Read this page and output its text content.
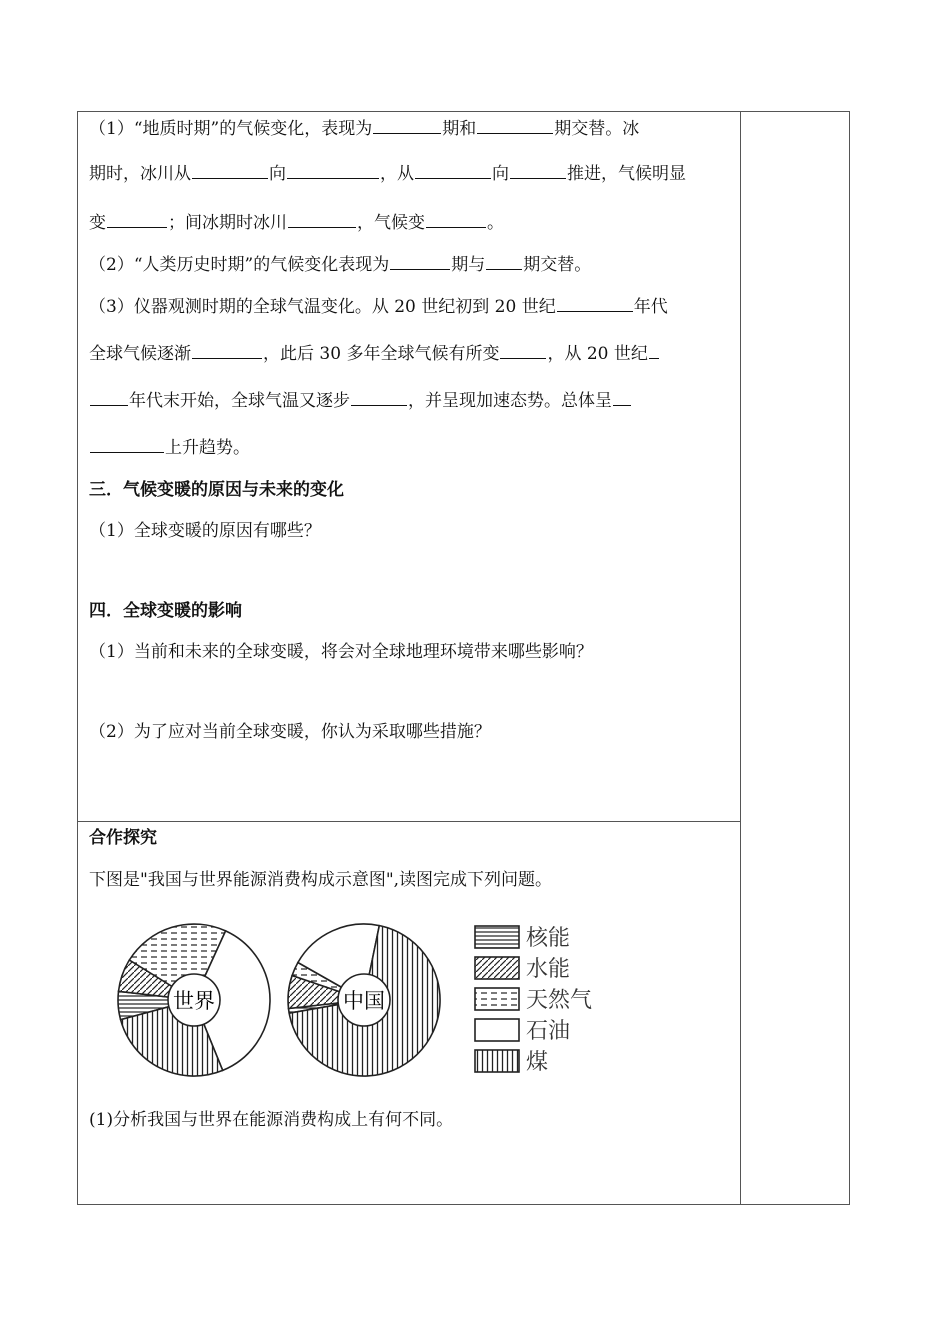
（1）“地质时期”的气候变化，表现为	期和	期交替。冰
期时，冰川从	向	，从	向	推进，气候明显
变	；间冰期时冰川	，气候变	。
（2）“人类历史时期”的气候变化表现为	期与 期交替。
（3）仪器观测时期的全球气温变化。从 20 世纪初到 20 世纪	年代
全球气候逐渐	，此后 30 多年全球气候有所变	，从 20 世纪
年代末开始，全球气温又逐步	，并呈现加速态势。总体呈
上升趋势。
三．气候变暖的原因与未来的变化
（1）全球变暖的原因有哪些？
四．全球变暖的影响
（1）当前和未来的全球变暖，将会对全球地理环境带来哪些影响？
（2）为了应对当前全球变暖，你认为采取哪些措施？
合作探究
下图是"我国与世界能源消费构成示意图",读图完成下列问题。
世界	中国
核能
水能
天然气
石油
煤
(1)分析我国与世界在能源消费构成上有何不同。
